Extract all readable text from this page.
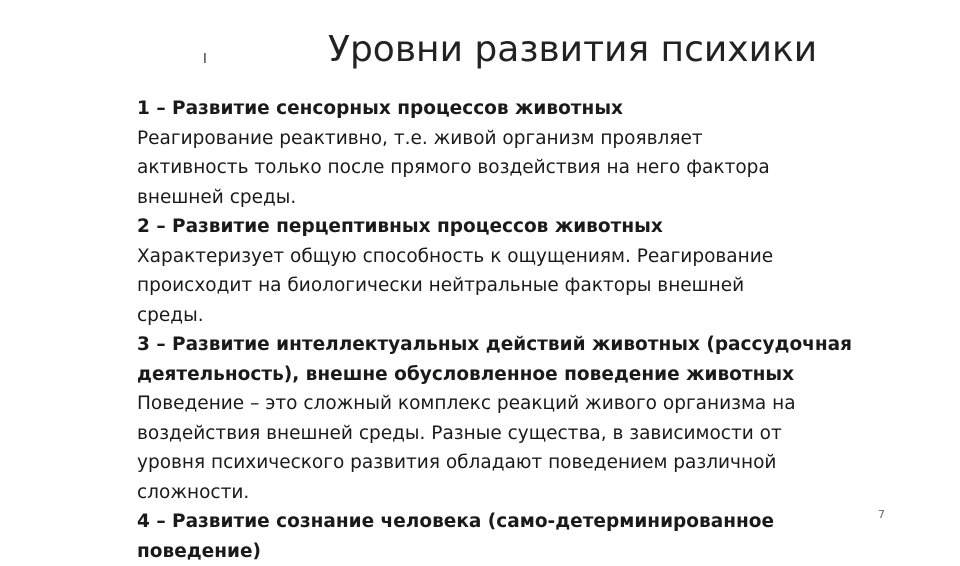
I	Уровни развития психики
1 – Развитие сенсорных процессов животных
Реагирование реактивно, т.е. живой организм проявляет
активность только после прямого воздействия на него фактора
внешней среды.
2 – Развитие перцептивных процессов животных
Характеризует общую способность к ощущениям. Реагирование
происходит на биологически нейтральные факторы внешней
среды.
3 – Развитие интеллектуальных действий животных (рассудочная
деятельность), внешне обусловленное поведение животных
Поведение – это сложный комплекс реакций живого организма на
воздействия внешней среды. Разные существа, в зависимости от
уровня психического развития обладают поведением различной
сложности.
4 – Развитие сознание человека (само-детерминированное
поведение)
7
